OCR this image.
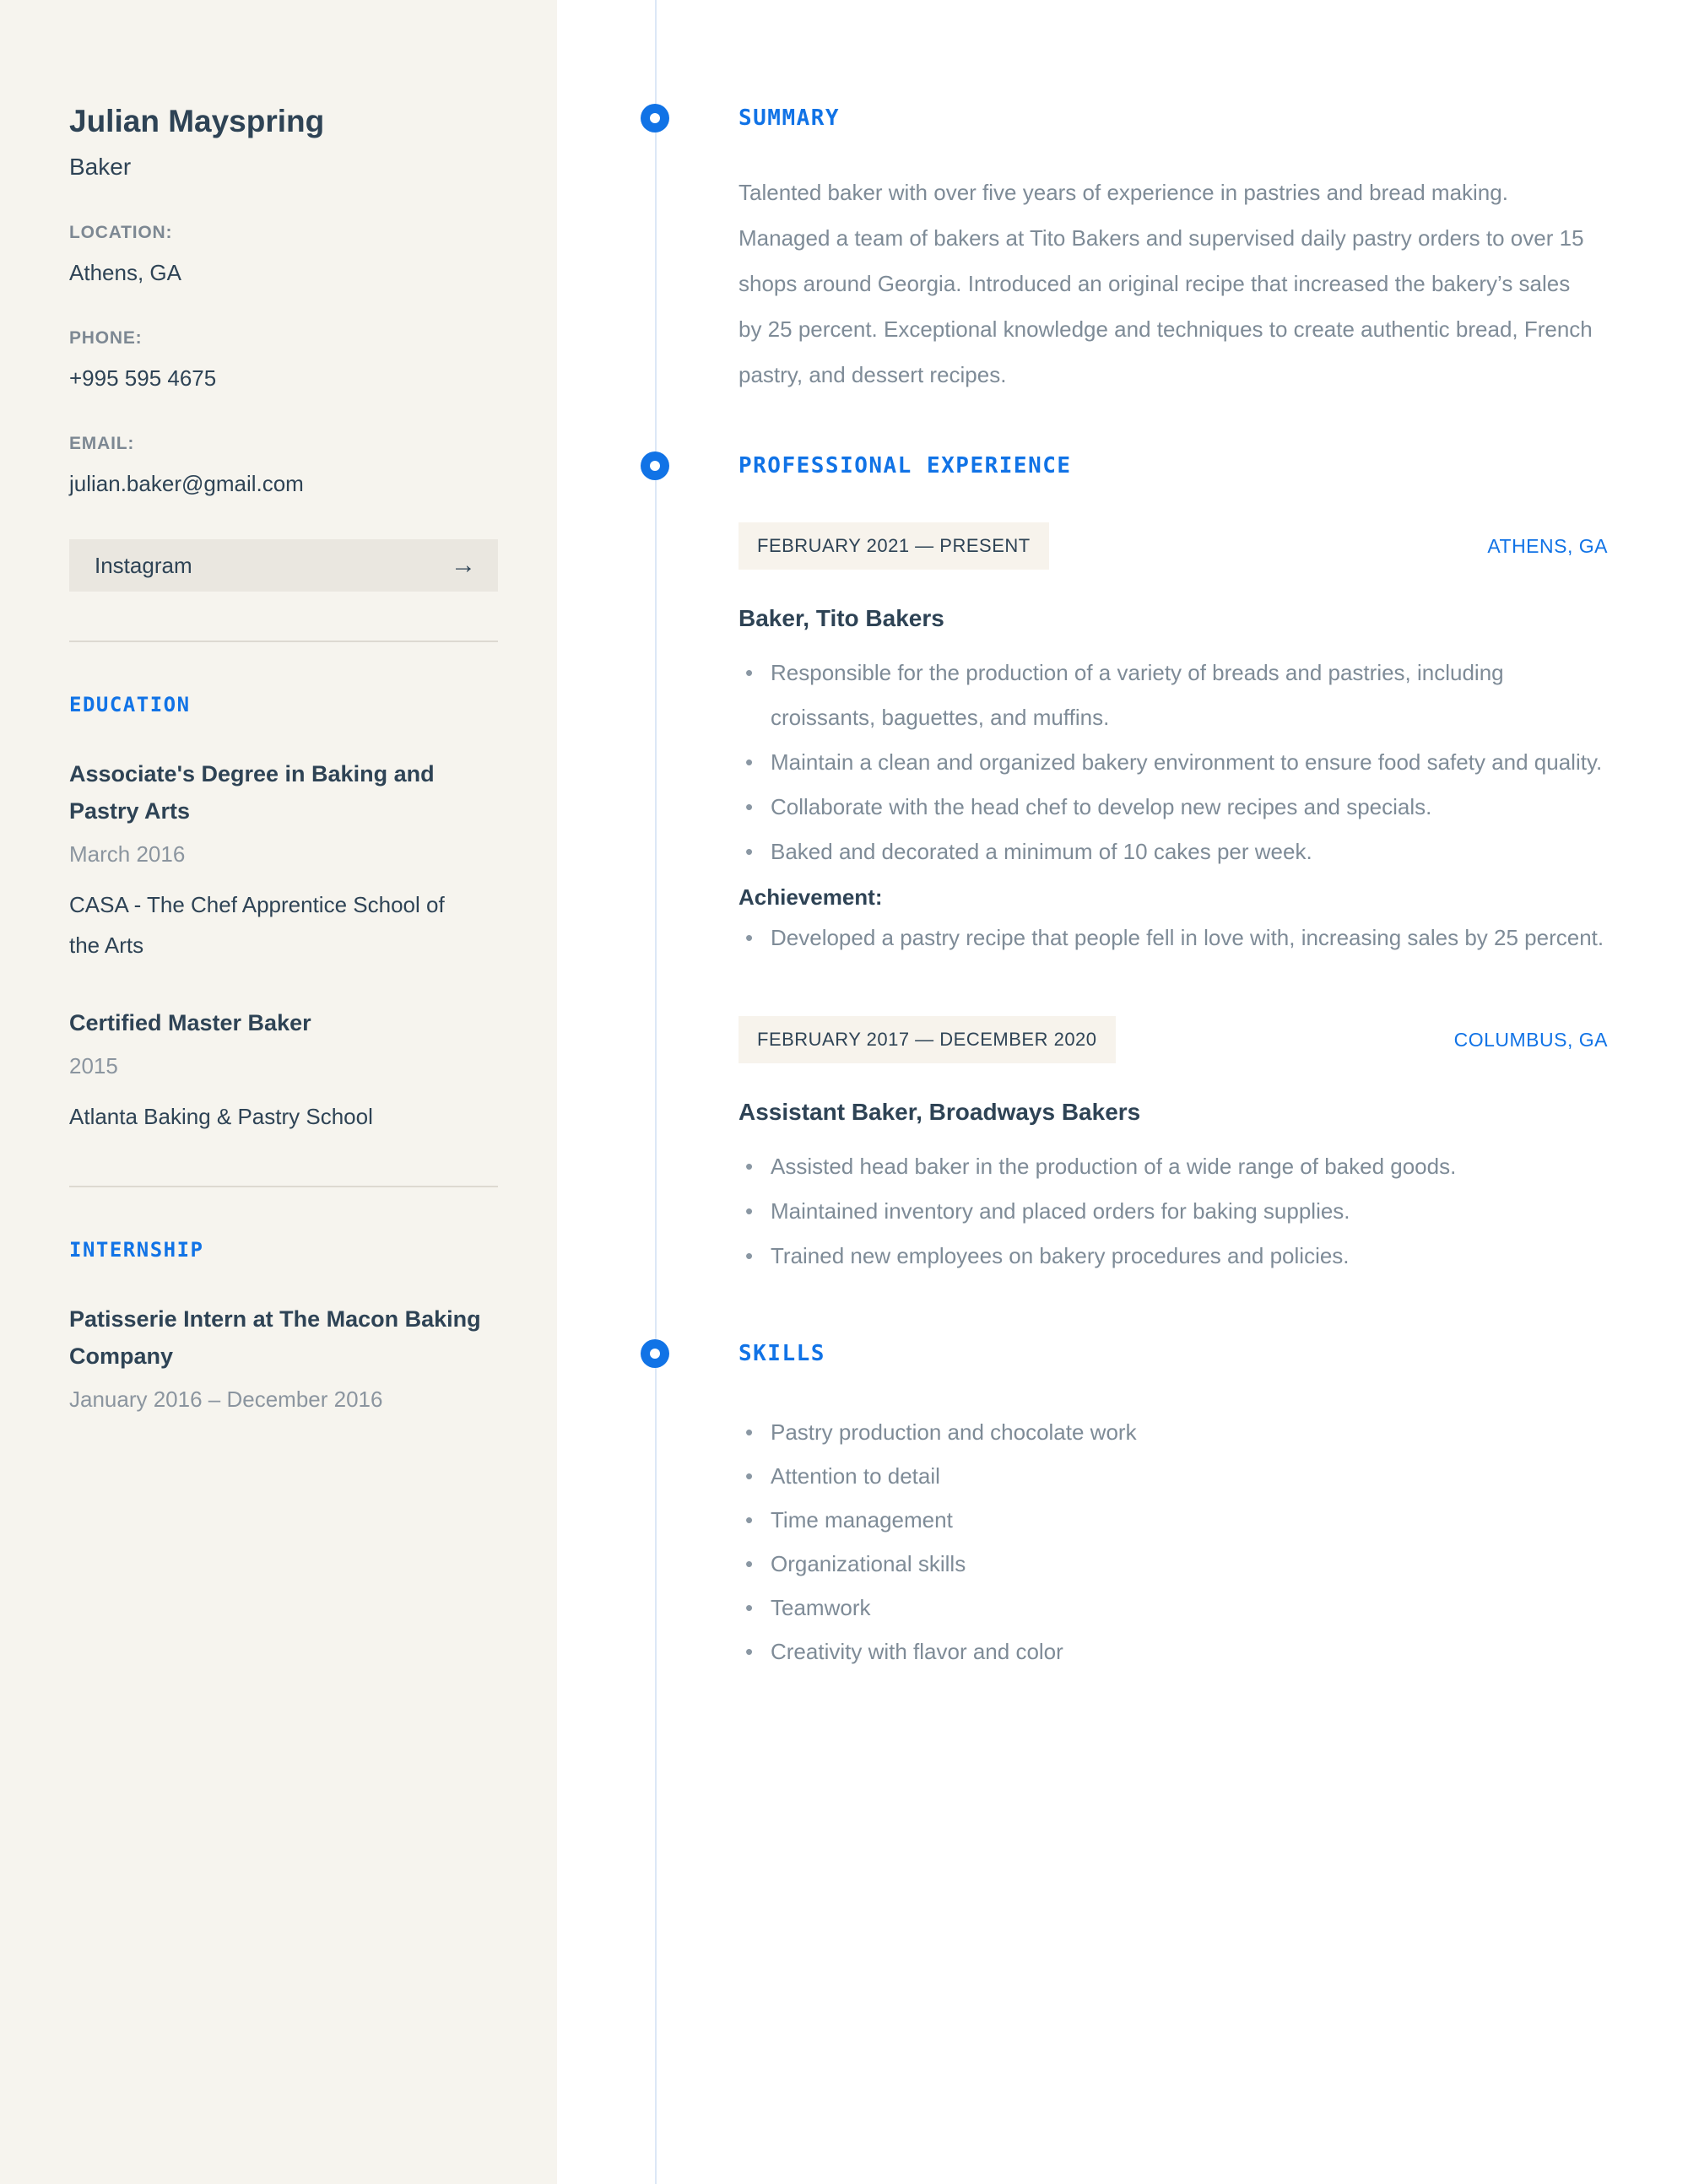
Julian Mayspring
Baker
LOCATION:
Athens, GA
PHONE:
+995 595 4675
EMAIL:
julian.baker@gmail.com
Instagram	→
EDUCATION
Associate's Degree in Baking and Pastry Arts
March 2016
CASA - The Chef Apprentice School of the Arts
Certified Master Baker
2015
Atlanta Baking & Pastry School
INTERNSHIP
Patisserie Intern at The Macon Baking Company
January 2016 – December 2016
SUMMARY

Talented baker with over five years of experience in pastries and bread making. Managed a team of bakers at Tito Bakers and supervised daily pastry orders to over 15 shops around Georgia. Introduced an original recipe that increased the bakery’s sales by 25 percent. Exceptional knowledge and techniques to create authentic bread, French pastry, and dessert recipes.

PROFESSIONAL EXPERIENCE
FEBRUARY 2021 — PRESENT	ATHENS, GA
Baker, Tito Bakers
• Responsible for the production of a variety of breads and pastries, including croissants, baguettes, and muffins.
• Maintain a clean and organized bakery environment to ensure food safety and quality.
• Collaborate with the head chef to develop new recipes and specials.
• Baked and decorated a minimum of 10 cakes per week.
Achievement:
• Developed a pastry recipe that people fell in love with, increasing sales by 25 percent.
FEBRUARY 2017 — DECEMBER 2020	COLUMBUS, GA
Assistant Baker, Broadways Bakers
• Assisted head baker in the production of a wide range of baked goods.
• Maintained inventory and placed orders for baking supplies.
• Trained new employees on bakery procedures and policies.
SKILLS
• Pastry production and chocolate work
• Attention to detail
• Time management
• Organizational skills
• Teamwork
• Creativity with flavor and color
